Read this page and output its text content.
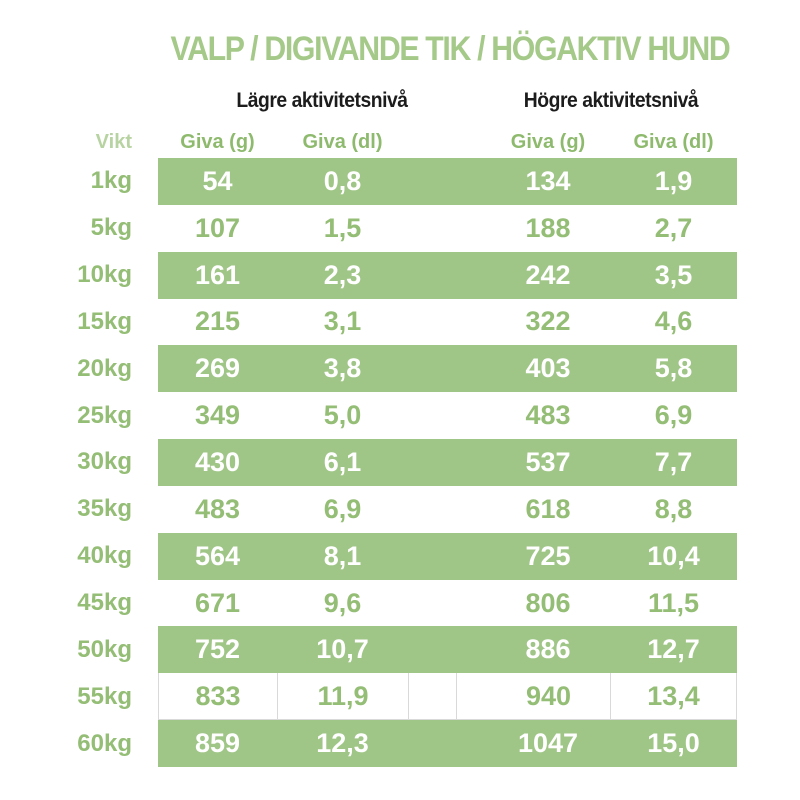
VALP / DIGIVANDE TIK / HÖGAKTIV HUND
Lägre aktivitetsnivå	Högre aktivitetsnivå
Vikt	Giva (g)	Giva (dl)	Giva (g)	Giva (dl)
1kg	54	0,8	134	1,9
5kg	107	1,5	188	2,7
10kg	161	2,3	242	3,5
15kg	215	3,1	322	4,6
20kg	269	3,8	403	5,8
25kg	349	5,0	483	6,9
30kg	430	6,1	537	7,7
35kg	483	6,9	618	8,8
40kg	564	8,1	725	10,4
45kg	671	9,6	806	11,5
50kg	752	10,7	886	12,7
55kg	833	11,9	940	13,4
60kg	859	12,3	1047	15,0
